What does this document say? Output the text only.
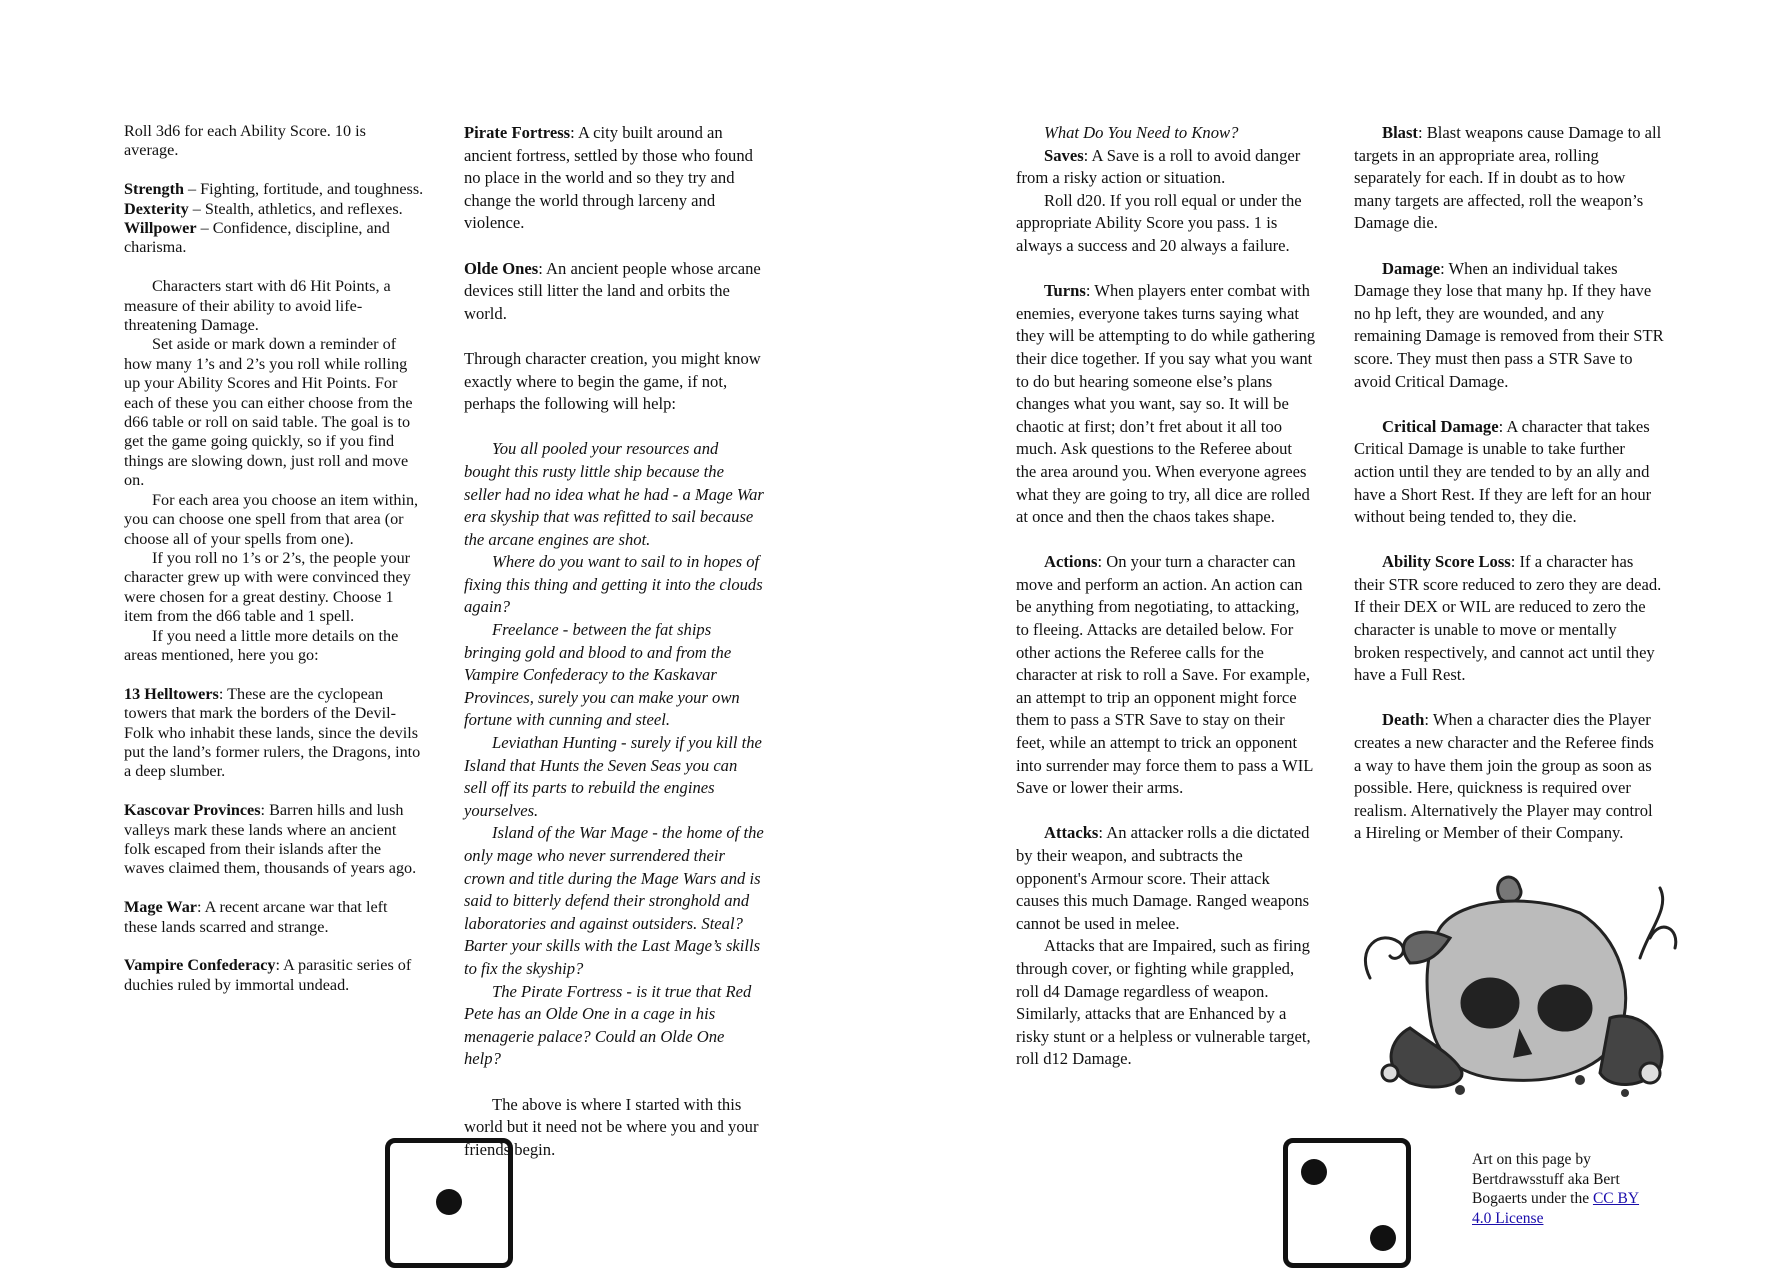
Roll 3d6 for each Ability Score. 10 is average.

Strength – Fighting, fortitude, and toughness.

Dexterity – Stealth, athletics, and reflexes.

Willpower – Confidence, discipline, and charisma.

Characters start with d6 Hit Points, a measure of their ability to avoid life-threatening Damage.

Set aside or mark down a reminder of how many 1’s and 2’s you roll while rolling up your Ability Scores and Hit Points. For each of these you can either choose from the d66 table or roll on said table. The goal is to get the game going quickly, so if you find things are slowing down, just roll and move on.

For each area you choose an item within, you can choose one spell from that area (or choose all of your spells from one).

If you roll no 1’s or 2’s, the people your character grew up with were convinced they were chosen for a great destiny. Choose 1 item from the d66 table and 1 spell.

If you need a little more details on the areas mentioned, here you go:

13 Helltowers: These are the cyclopean towers that mark the borders of the Devil-Folk who inhabit these lands, since the devils put the land’s former rulers, the Dragons, into a deep slumber.

Kascovar Provinces: Barren hills and lush valleys mark these lands where an ancient folk escaped from their islands after the waves claimed them, thousands of years ago.

Mage War: A recent arcane war that left these lands scarred and strange.

Vampire Confederacy: A parasitic series of duchies ruled by immortal undead.

Pirate Fortress: A city built around an ancient fortress, settled by those who found no place in the world and so they try and change the world through larceny and violence.

Olde Ones: An ancient people whose arcane devices still litter the land and orbits the world.

Through character creation, you might know exactly where to begin the game, if not, perhaps the following will help:

You all pooled your resources and bought this rusty little ship because the seller had no idea what he had - a Mage War era skyship that was refitted to sail because the arcane engines are shot.

Where do you want to sail to in hopes of fixing this thing and getting it into the clouds again?

Freelance - between the fat ships bringing gold and blood to and from the Vampire Confederacy to the Kaskavar Provinces, surely you can make your own fortune with cunning and steel.

Leviathan Hunting - surely if you kill the Island that Hunts the Seven Seas you can sell off its parts to rebuild the engines yourselves.

Island of the War Mage - the home of the only mage who never surrendered their crown and title during the Mage Wars and is said to bitterly defend their stronghold and laboratories and against outsiders. Steal? Barter your skills with the Last Mage’s skills to fix the skyship?

The Pirate Fortress - is it true that Red Pete has an Olde One in a cage in his menagerie palace? Could an Olde One help?

The above is where I started with this world but it need not be where you and your friends begin.

What Do You Need to Know?

Saves: A Save is a roll to avoid danger from a risky action or situation.

Roll d20. If you roll equal or under the appropriate Ability Score you pass. 1 is always a success and 20 always a failure.

Turns: When players enter combat with enemies, everyone takes turns saying what they will be attempting to do while gathering their dice together. If you say what you want to do but hearing someone else’s plans changes what you want, say so. It will be chaotic at first; don’t fret about it all too much. Ask questions to the Referee about the area around you. When everyone agrees what they are going to try, all dice are rolled at once and then the chaos takes shape.

Actions: On your turn a character can move and perform an action. An action can be anything from negotiating, to attacking, to fleeing. Attacks are detailed below. For other actions the Referee calls for the character at risk to roll a Save. For example, an attempt to trip an opponent might force them to pass a STR Save to stay on their feet, while an attempt to trick an opponent into surrender may force them to pass a WIL Save or lower their arms.

Attacks: An attacker rolls a die dictated by their weapon, and subtracts the opponent's Armour score. Their attack causes this much Damage. Ranged weapons cannot be used in melee.

Attacks that are Impaired, such as firing through cover, or fighting while grappled, roll d4 Damage regardless of weapon. Similarly, attacks that are Enhanced by a risky stunt or a helpless or vulnerable target, roll d12 Damage.

Blast: Blast weapons cause Damage to all targets in an appropriate area, rolling separately for each. If in doubt as to how many targets are affected, roll the weapon’s Damage die.

Damage: When an individual takes Damage they lose that many hp. If they have no hp left, they are wounded, and any remaining Damage is removed from their STR score. They must then pass a STR Save to avoid Critical Damage.

Critical Damage: A character that takes Critical Damage is unable to take further action until they are tended to by an ally and have a Short Rest. If they are left for an hour without being tended to, they die.

Ability Score Loss: If a character has their STR score reduced to zero they are dead. If their DEX or WIL are reduced to zero the character is unable to move or mentally broken respectively, and cannot act until they have a Full Rest.

Death: When a character dies the Player creates a new character and the Referee finds a way to have them join the group as soon as possible. Here, quickness is required over realism. Alternatively the Player may control a Hireling or Member of their Company.

Art on this page by Bertdrawsstuff aka Bert Bogaerts under the CC BY 4.0 License
